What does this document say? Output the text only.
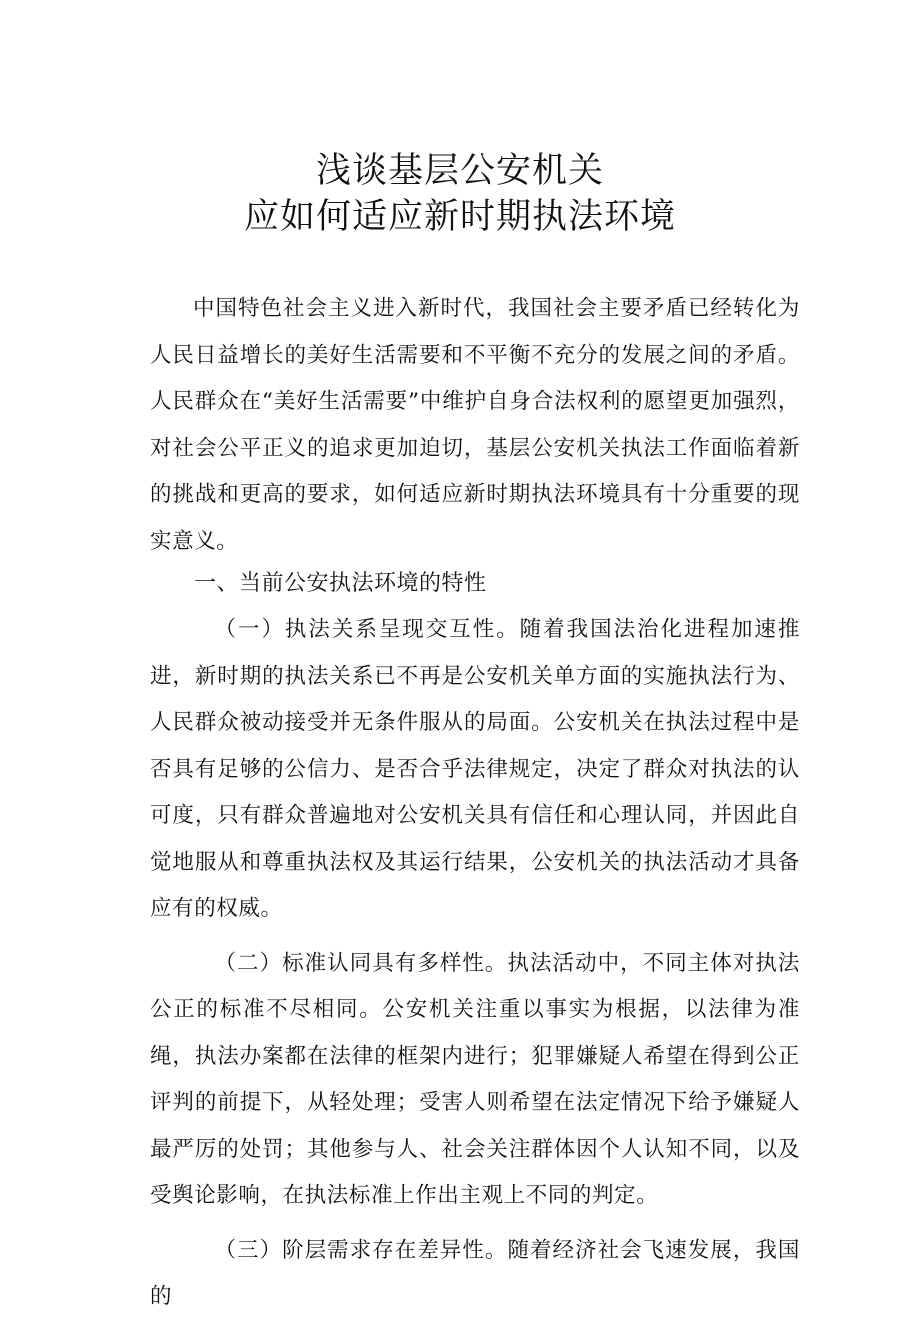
浅谈基层公安机关
应如何适应新时期执法环境

中国特色社会主义进入新时代，我国社会主要矛盾已经转化为人民日益增长的美好生活需要和不平衡不充分的发展之间的矛盾。人民群众在“美好生活需要”中维护自身合法权利的愿望更加强烈，对社会公平正义的追求更加迫切，基层公安机关执法工作面临着新的挑战和更高的要求，如何适应新时期执法环境具有十分重要的现实意义。

一、当前公安执法环境的特性

（一）执法关系呈现交互性。随着我国法治化进程加速推进，新时期的执法关系已不再是公安机关单方面的实施执法行为、人民群众被动接受并无条件服从的局面。公安机关在执法过程中是否具有足够的公信力、是否合乎法律规定，决定了群众对执法的认可度，只有群众普遍地对公安机关具有信任和心理认同，并因此自觉地服从和尊重执法权及其运行结果，公安机关的执法活动才具备应有的权威。

（二）标准认同具有多样性。执法活动中，不同主体对执法公正的标准不尽相同。公安机关注重以事实为根据，以法律为准绳，执法办案都在法律的框架内进行；犯罪嫌疑人希望在得到公正评判的前提下，从轻处理；受害人则希望在法定情况下给予嫌疑人最严厉的处罚；其他参与人、社会关注群体因个人认知不同，以及受舆论影响，在执法标准上作出主观上不同的判定。

（三）阶层需求存在差异性。随着经济社会飞速发展，我国的
